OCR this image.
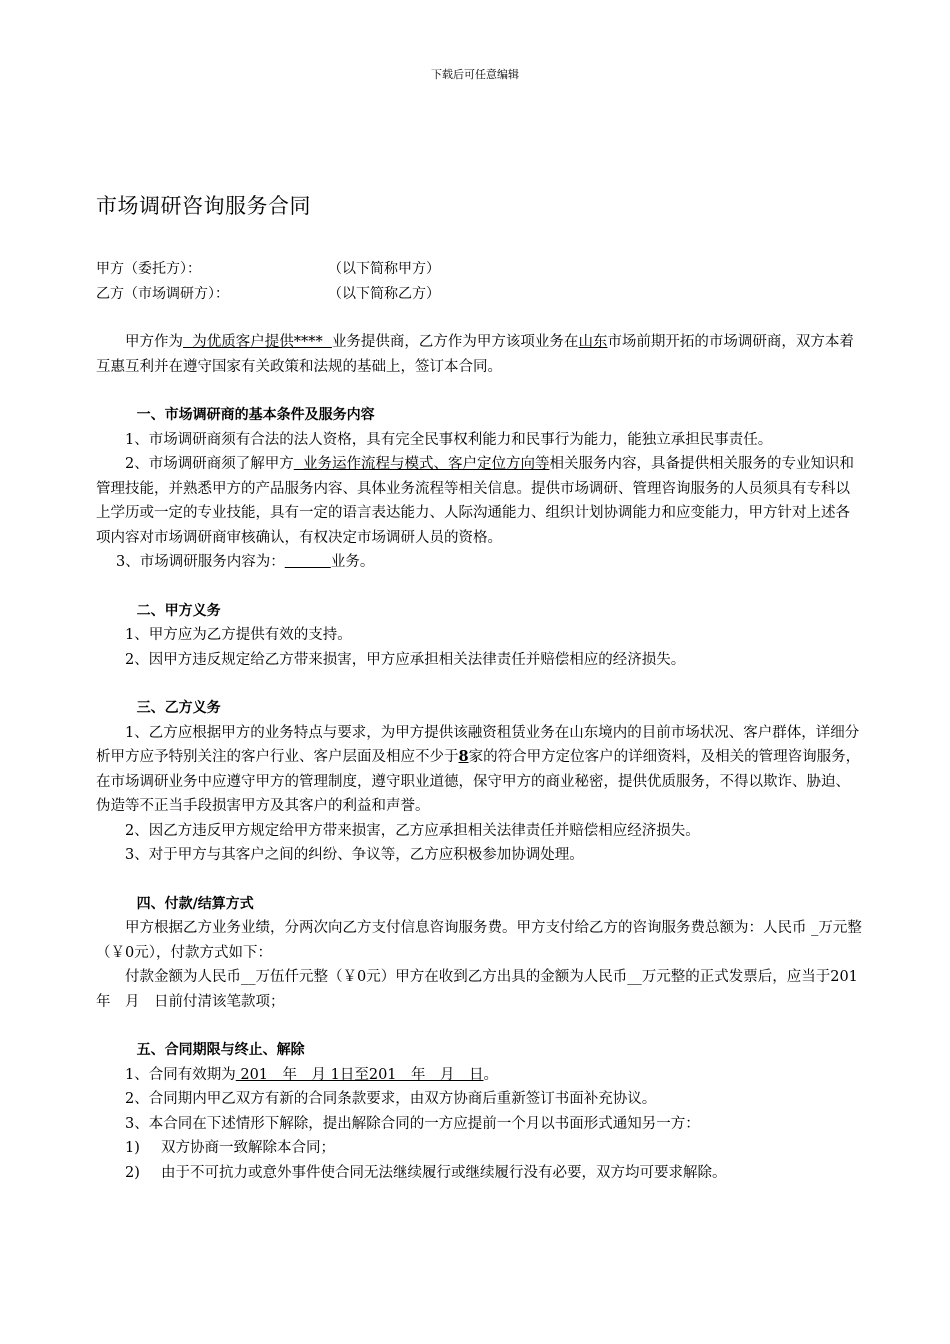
下载后可任意编辑
市场调研咨询服务合同
甲方（委托方）：	（以下简称甲方）
乙方（市场调研方）：	（以下简称乙方）

甲方作为  为优质客户提供****  业务提供商，乙方作为甲方该项业务在山东市场前期开拓的市场调研商，双方本着互惠互利并在遵守国家有关政策和法规的基础上，签订本合同。

一、市场调研商的基本条件及服务内容

1、市场调研商须有合法的法人资格，具有完全民事权利能力和民事行为能力，能独立承担民事责任。

2、市场调研商须了解甲方  业务运作流程与模式、客户定位方向等相关服务内容，具备提供相关服务的专业知识和管理技能，并熟悉甲方的产品服务内容、具体业务流程等相关信息。提供市场调研、管理咨询服务的人员须具有专科以上学历或一定的专业技能，具有一定的语言表达能力、人际沟通能力、组织计划协调能力和应变能力，甲方针对上述各项内容对市场调研商审核确认，有权决定市场调研人员的资格。

3、市场调研服务内容为：	业务。

二、甲方义务

1、甲方应为乙方提供有效的支持。

2、因甲方违反规定给乙方带来损害，甲方应承担相关法律责任并赔偿相应的经济损失。

三、乙方义务

1、乙方应根据甲方的业务特点与要求，为甲方提供该融资租赁业务在山东境内的目前市场状况、客户群体，详细分析甲方应予特别关注的客户行业、客户层面及相应不少于8家的符合甲方定位客户的详细资料，及相关的管理咨询服务，在市场调研业务中应遵守甲方的管理制度，遵守职业道德，保守甲方的商业秘密，提供优质服务，不得以欺诈、胁迫、伪造等不正当手段损害甲方及其客户的利益和声誉。

2、因乙方违反甲方规定给甲方带来损害，乙方应承担相关法律责任并赔偿相应经济损失。

3、对于甲方与其客户之间的纠纷、争议等，乙方应积极参加协调处理。

四、付款/结算方式

甲方根据乙方业务业绩，分两次向乙方支付信息咨询服务费。甲方支付给乙方的咨询服务费总额为：人民币 _万元整（￥0元），付款方式如下：

付款金额为人民币__万伍仟元整（￥0元）甲方在收到乙方出具的金额为人民币__万元整的正式发票后，应当于201　年　月　日前付清该笔款项；

五、合同期限与终止、解除

1、合同有效期为 201　年　月 1日至201　年　月　日。

2、合同期内甲乙双方有新的合同条款要求，由双方协商后重新签订书面补充协议。

3、本合同在下述情形下解除，提出解除合同的一方应提前一个月以书面形式通知另一方：

1) 双方协商一致解除本合同；

2) 由于不可抗力或意外事件使合同无法继续履行或继续履行没有必要，双方均可要求解除。
